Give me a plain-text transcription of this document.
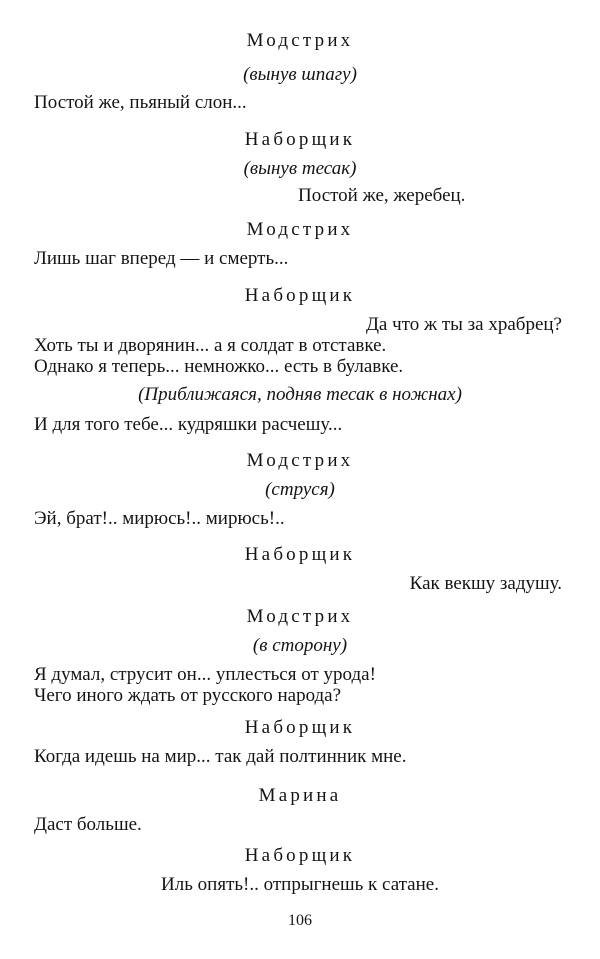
Модстрих
(вынув шпагу)
Постой же, пьяный слон...
Наборщик
(вынув тесак)
Постой же, жеребец.
Модстрих
Лишь шаг вперед — и смерть...
Наборщик
Да что ж ты за храбрец?
Хоть ты и дворянин... а я солдат в отставке.
Однако я теперь... немножко... есть в булавке.
(Приближаяся, подняв тесак в ножнах)
И для того тебе... кудряшки расчешу...
Модстрих
(струся)
Эй, брат!.. мирюсь!.. мирюсь!..
Наборщик
Как векшу задушу.
Модстрих
(в сторону)
Я думал, струсит он... уплесться от урода!
Чего иного ждать от русского народа?
Наборщик
Когда идешь на мир... так дай полтинник мне.
Марина
Даст больше.
Наборщик
Иль опять!.. отпрыгнешь к сатане.
106
